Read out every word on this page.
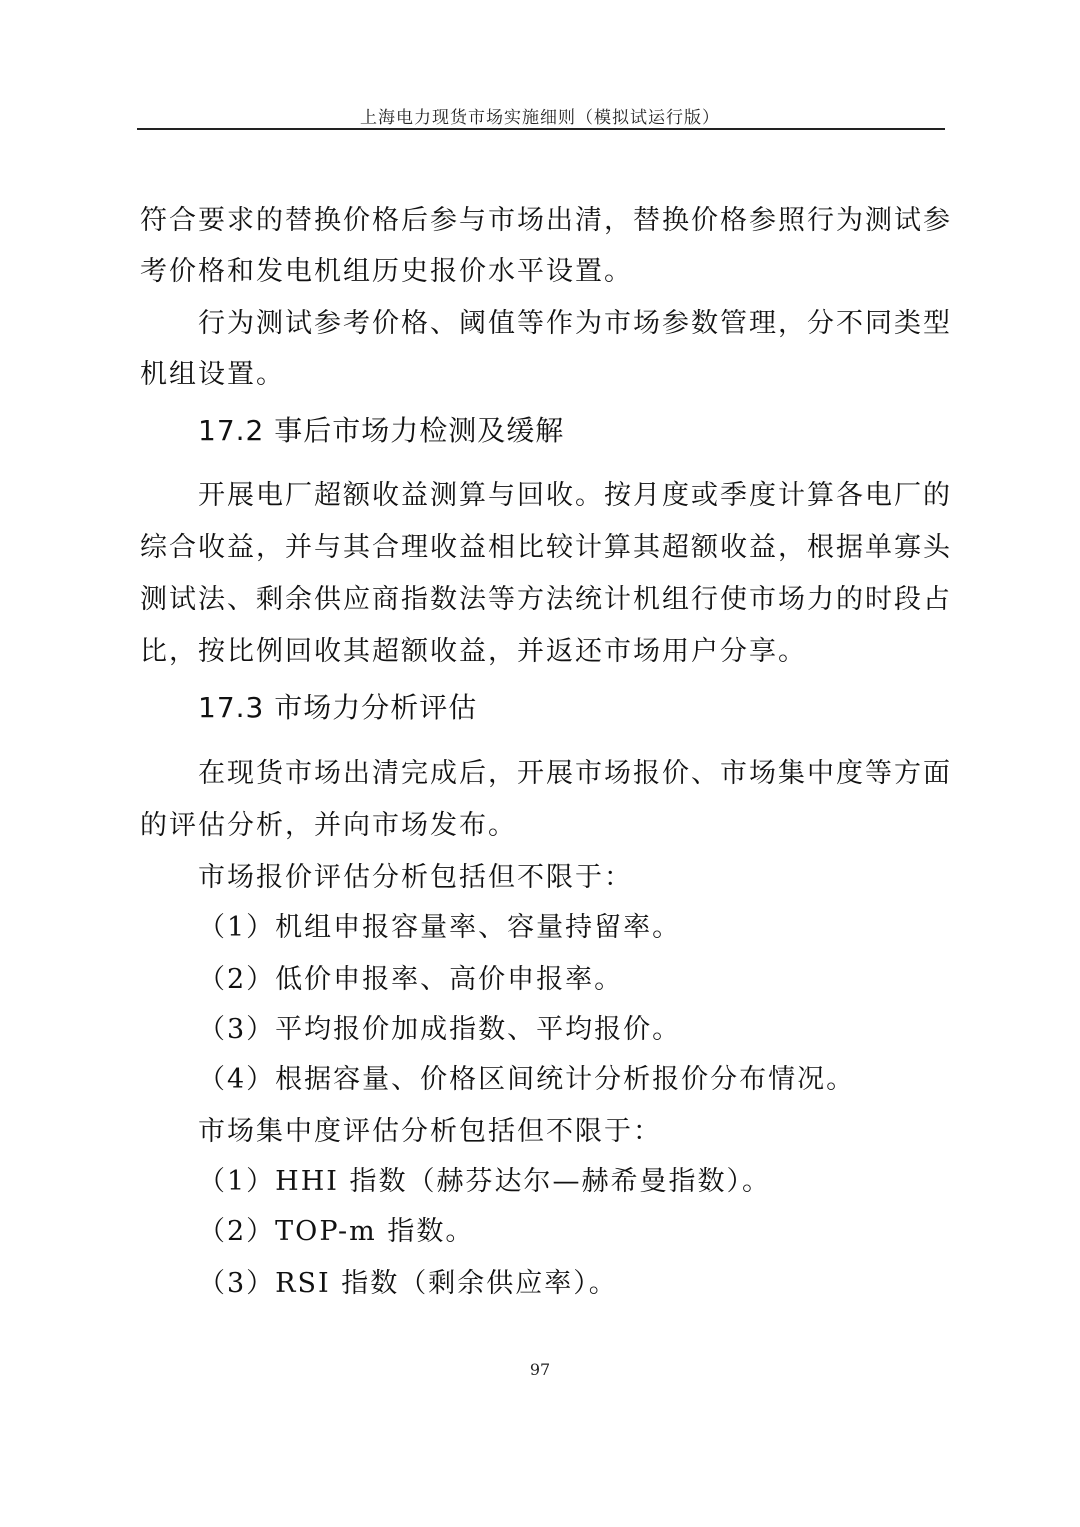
上海电力现货市场实施细则（模拟试运行版）
符合要求的替换价格后参与市场出清，替换价格参照行为测试参
考价格和发电机组历史报价水平设置。
行为测试参考价格、阈值等作为市场参数管理，分不同类型
机组设置。
17.2 事后市场力检测及缓解
开展电厂超额收益测算与回收。按月度或季度计算各电厂的
综合收益，并与其合理收益相比较计算其超额收益，根据单寡头
测试法、剩余供应商指数法等方法统计机组行使市场力的时段占
比，按比例回收其超额收益，并返还市场用户分享。
17.3 市场力分析评估
在现货市场出清完成后，开展市场报价、市场集中度等方面
的评估分析，并向市场发布。
市场报价评估分析包括但不限于：
（1）机组申报容量率、容量持留率。
（2）低价申报率、高价申报率。
（3）平均报价加成指数、平均报价。
（4）根据容量、价格区间统计分析报价分布情况。
市场集中度评估分析包括但不限于：
（1）HHI 指数（赫芬达尔—赫希曼指数）。
（2）TOP-m 指数。
（3）RSI 指数（剩余供应率）。
97
